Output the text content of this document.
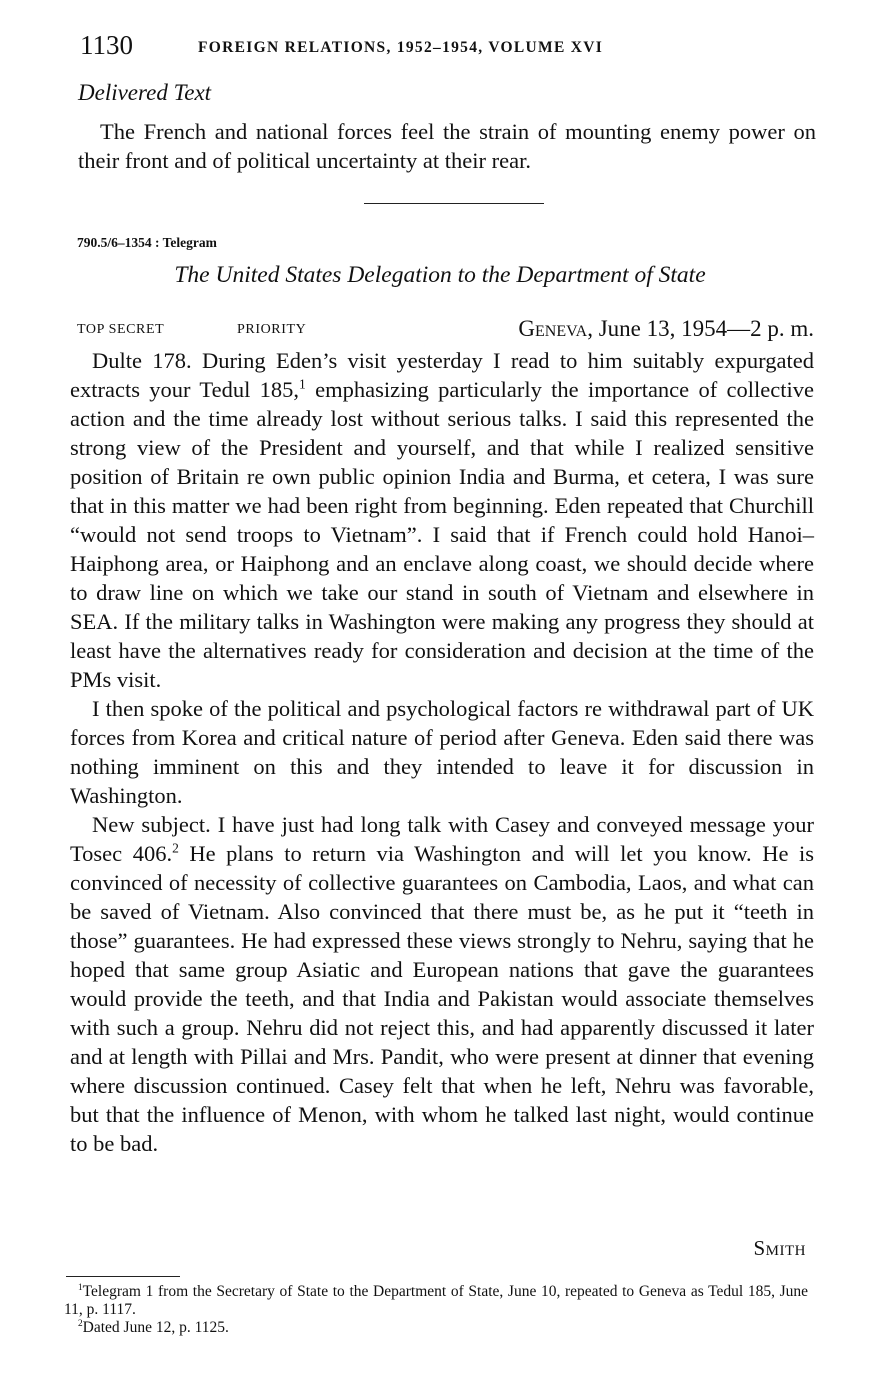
1130	FOREIGN RELATIONS, 1952–1954, VOLUME XVI
Delivered Text

The French and national forces feel the strain of mounting enemy power on their front and of political uncertainty at their rear.

790.5/6–1354 : Telegram
The United States Delegation to the Department of State
TOP SECRET	PRIORITY	Geneva, June 13, 1954—2 p. m.

Dulte 178. During Eden’s visit yesterday I read to him suitably expurgated extracts your Tedul 185,$^1$ emphasizing particularly the importance of collective action and the time already lost without serious talks. I said this represented the strong view of the President and yourself, and that while I realized sensitive position of Britain re own public opinion India and Burma, et cetera, I was sure that in this matter we had been right from beginning. Eden repeated that Churchill “would not send troops to Vietnam”. I said that if French could hold Hanoi–Haiphong area, or Haiphong and an enclave along coast, we should decide where to draw line on which we take our stand in south of Vietnam and elsewhere in SEA. If the military talks in Washington were making any progress they should at least have the alternatives ready for consideration and decision at the time of the PMs visit.

I then spoke of the political and psychological factors re withdrawal part of UK forces from Korea and critical nature of period after Geneva. Eden said there was nothing imminent on this and they intended to leave it for discussion in Washington.

New subject. I have just had long talk with Casey and conveyed message your Tosec 406.$^2$ He plans to return via Washington and will let you know. He is convinced of necessity of collective guarantees on Cambodia, Laos, and what can be saved of Vietnam. Also convinced that there must be, as he put it “teeth in those” guarantees. He had expressed these views strongly to Nehru, saying that he hoped that same group Asiatic and European nations that gave the guarantees would provide the teeth, and that India and Pakistan would associate themselves with such a group. Nehru did not reject this, and had apparently discussed it later and at length with Pillai and Mrs. Pandit, who were present at dinner that evening where discussion continued. Casey felt that when he left, Nehru was favorable, but that the influence of Menon, with whom he talked last night, would continue to be bad.

Smith

$^1$Telegram 1 from the Secretary of State to the Department of State, June 10, repeated to Geneva as Tedul 185, June 11, p. 1117.

$^2$Dated June 12, p. 1125.
